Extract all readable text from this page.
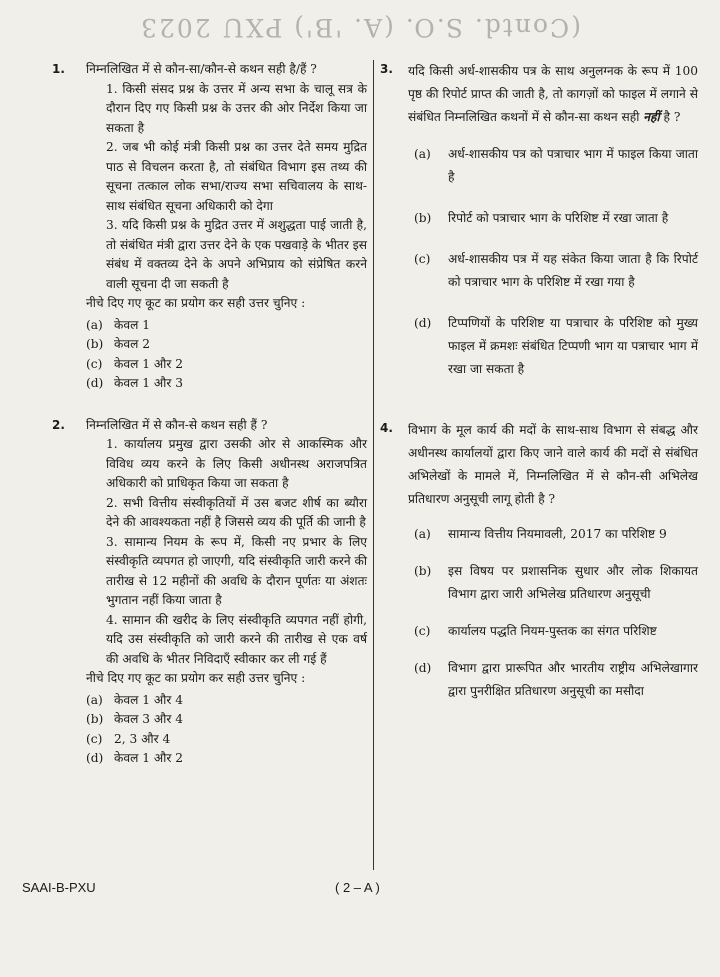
(Contd. S.O. (A. 'B') PXU 2023
1. निम्नलिखित में से कौन-सा/कौन-से कथन सही है/हैं ?
1. किसी संसद प्रश्न के उत्तर में अन्य सभा के चालू सत्र के दौरान दिए गए किसी प्रश्न के उत्तर की ओर निर्देश किया जा सकता है
2. जब भी कोई मंत्री किसी प्रश्न का उत्तर देते समय मुद्रित पाठ से विचलन करता है, तो संबंधित विभाग इस तथ्य की सूचना तत्काल लोक सभा/राज्य सभा सचिवालय के साथ-साथ संबंधित सूचना अधिकारी को देगा
3. यदि किसी प्रश्न के मुद्रित उत्तर में अशुद्धता पाई जाती है, तो संबंधित मंत्री द्वारा उत्तर देने के एक पखवाड़े के भीतर इस संबंध में वक्तव्य देने के अपने अभिप्राय को संप्रेषित करने वाली सूचना दी जा सकती है
नीचे दिए गए कूट का प्रयोग कर सही उत्तर चुनिए :
(a) केवल 1
(b) केवल 2
(c) केवल 1 और 2
(d) केवल 1 और 3
2. निम्नलिखित में से कौन-से कथन सही हैं ?
1. कार्यालय प्रमुख द्वारा उसकी ओर से आकस्मिक और विविध व्यय करने के लिए किसी अधीनस्थ अराजपत्रित अधिकारी को प्राधिकृत किया जा सकता है
2. सभी वित्तीय संस्वीकृतियों में उस बजट शीर्ष का ब्यौरा देने की आवश्यकता नहीं है जिससे व्यय की पूर्ति की जानी है
3. सामान्य नियम के रूप में, किसी नए प्रभार के लिए संस्वीकृति व्यपगत हो जाएगी, यदि संस्वीकृति जारी करने की तारीख से 12 महीनों की अवधि के दौरान पूर्णतः या अंशतः भुगतान नहीं किया जाता है
4. सामान की खरीद के लिए संस्वीकृति व्यपगत नहीं होगी, यदि उस संस्वीकृति को जारी करने की तारीख से एक वर्ष की अवधि के भीतर निविदाएँ स्वीकार कर ली गई हैं
नीचे दिए गए कूट का प्रयोग कर सही उत्तर चुनिए :
(a) केवल 1 और 4
(b) केवल 3 और 4
(c) 2, 3 और 4
(d) केवल 1 और 2
3. यदि किसी अर्ध-शासकीय पत्र के साथ अनुलग्नक के रूप में 100 पृष्ठ की रिपोर्ट प्राप्त की जाती है, तो कागज़ों को फाइल में लगाने से संबंधित निम्नलिखित कथनों में से कौन-सा कथन सही नहीं है ?
(a) अर्ध-शासकीय पत्र को पत्राचार भाग में फाइल किया जाता है
(b) रिपोर्ट को पत्राचार भाग के परिशिष्ट में रखा जाता है
(c) अर्ध-शासकीय पत्र में यह संकेत किया जाता है कि रिपोर्ट को पत्राचार भाग के परिशिष्ट में रखा गया है
(d) टिप्पणियों के परिशिष्ट या पत्राचार के परिशिष्ट को मुख्य फाइल में क्रमशः संबंधित टिप्पणी भाग या पत्राचार भाग में रखा जा सकता है
4. विभाग के मूल कार्य की मदों के साथ-साथ विभाग से संबद्ध और अधीनस्थ कार्यालयों द्वारा किए जाने वाले कार्य की मदों से संबंधित अभिलेखों के मामले में, निम्नलिखित में से कौन-सी अभिलेख प्रतिधारण अनुसूची लागू होती है ?
(a) सामान्य वित्तीय नियमावली, 2017 का परिशिष्ट 9
(b) इस विषय पर प्रशासनिक सुधार और लोक शिकायत विभाग द्वारा जारी अभिलेख प्रतिधारण अनुसूची
(c) कार्यालय पद्धति नियम-पुस्तक का संगत परिशिष्ट
(d) विभाग द्वारा प्रारूपित और भारतीय राष्ट्रीय अभिलेखागार द्वारा पुनरीक्षित प्रतिधारण अनुसूची का मसौदा
SAAI-B-PXU	( 2 – A )
